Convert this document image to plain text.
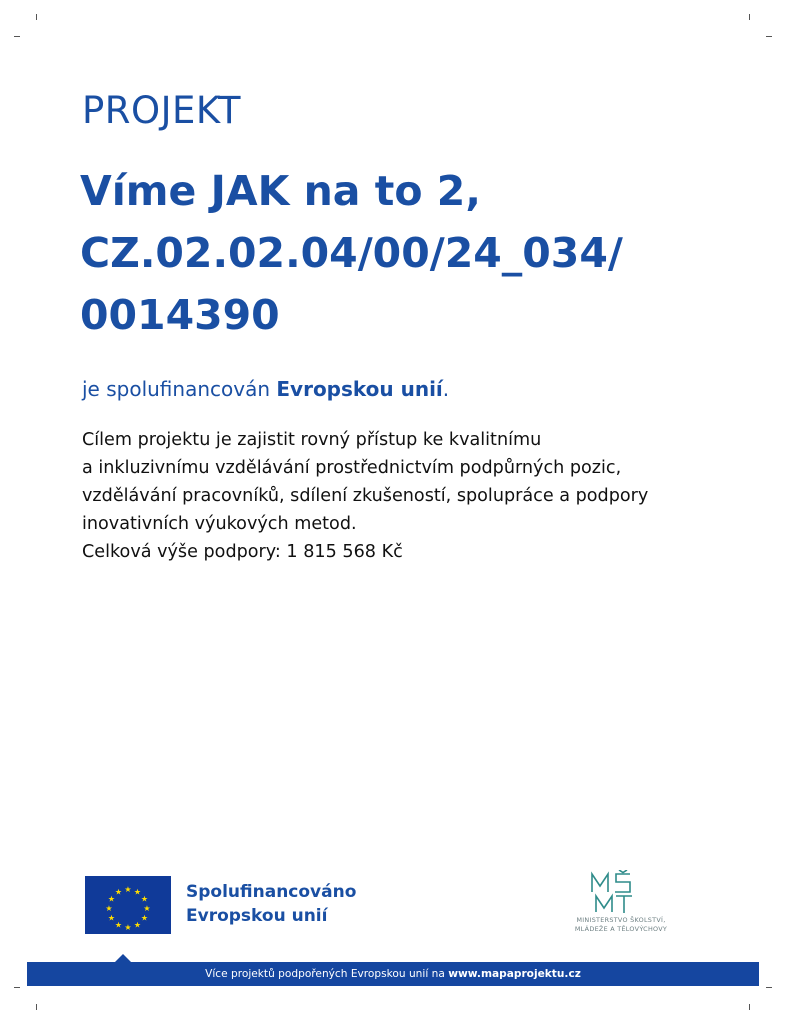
PROJEKT
Víme JAK na to 2,
CZ.02.02.04/00/24_034/
0014390
je spolufinancován Evropskou unií.
Cílem projektu je zajistit rovný přístup ke kvalitnímu
a inkluzivnímu vzdělávání prostřednictvím podpůrných pozic,
vzdělávání pracovníků, sdílení zkušeností, spolupráce a podpory
inovativních výukových metod.
Celková výše podpory: 1 815 568 Kč
★ ★
★
★
★
★
★
★
★
★
★
★	Spolufinancováno
Evropskou unií	MINISTERSTVO ŠKOLSTVÍ,
MLÁDEŽE A TĚLOVÝCHOVY
Více projektů podpořených Evropskou unií na www.mapaprojektu.cz
